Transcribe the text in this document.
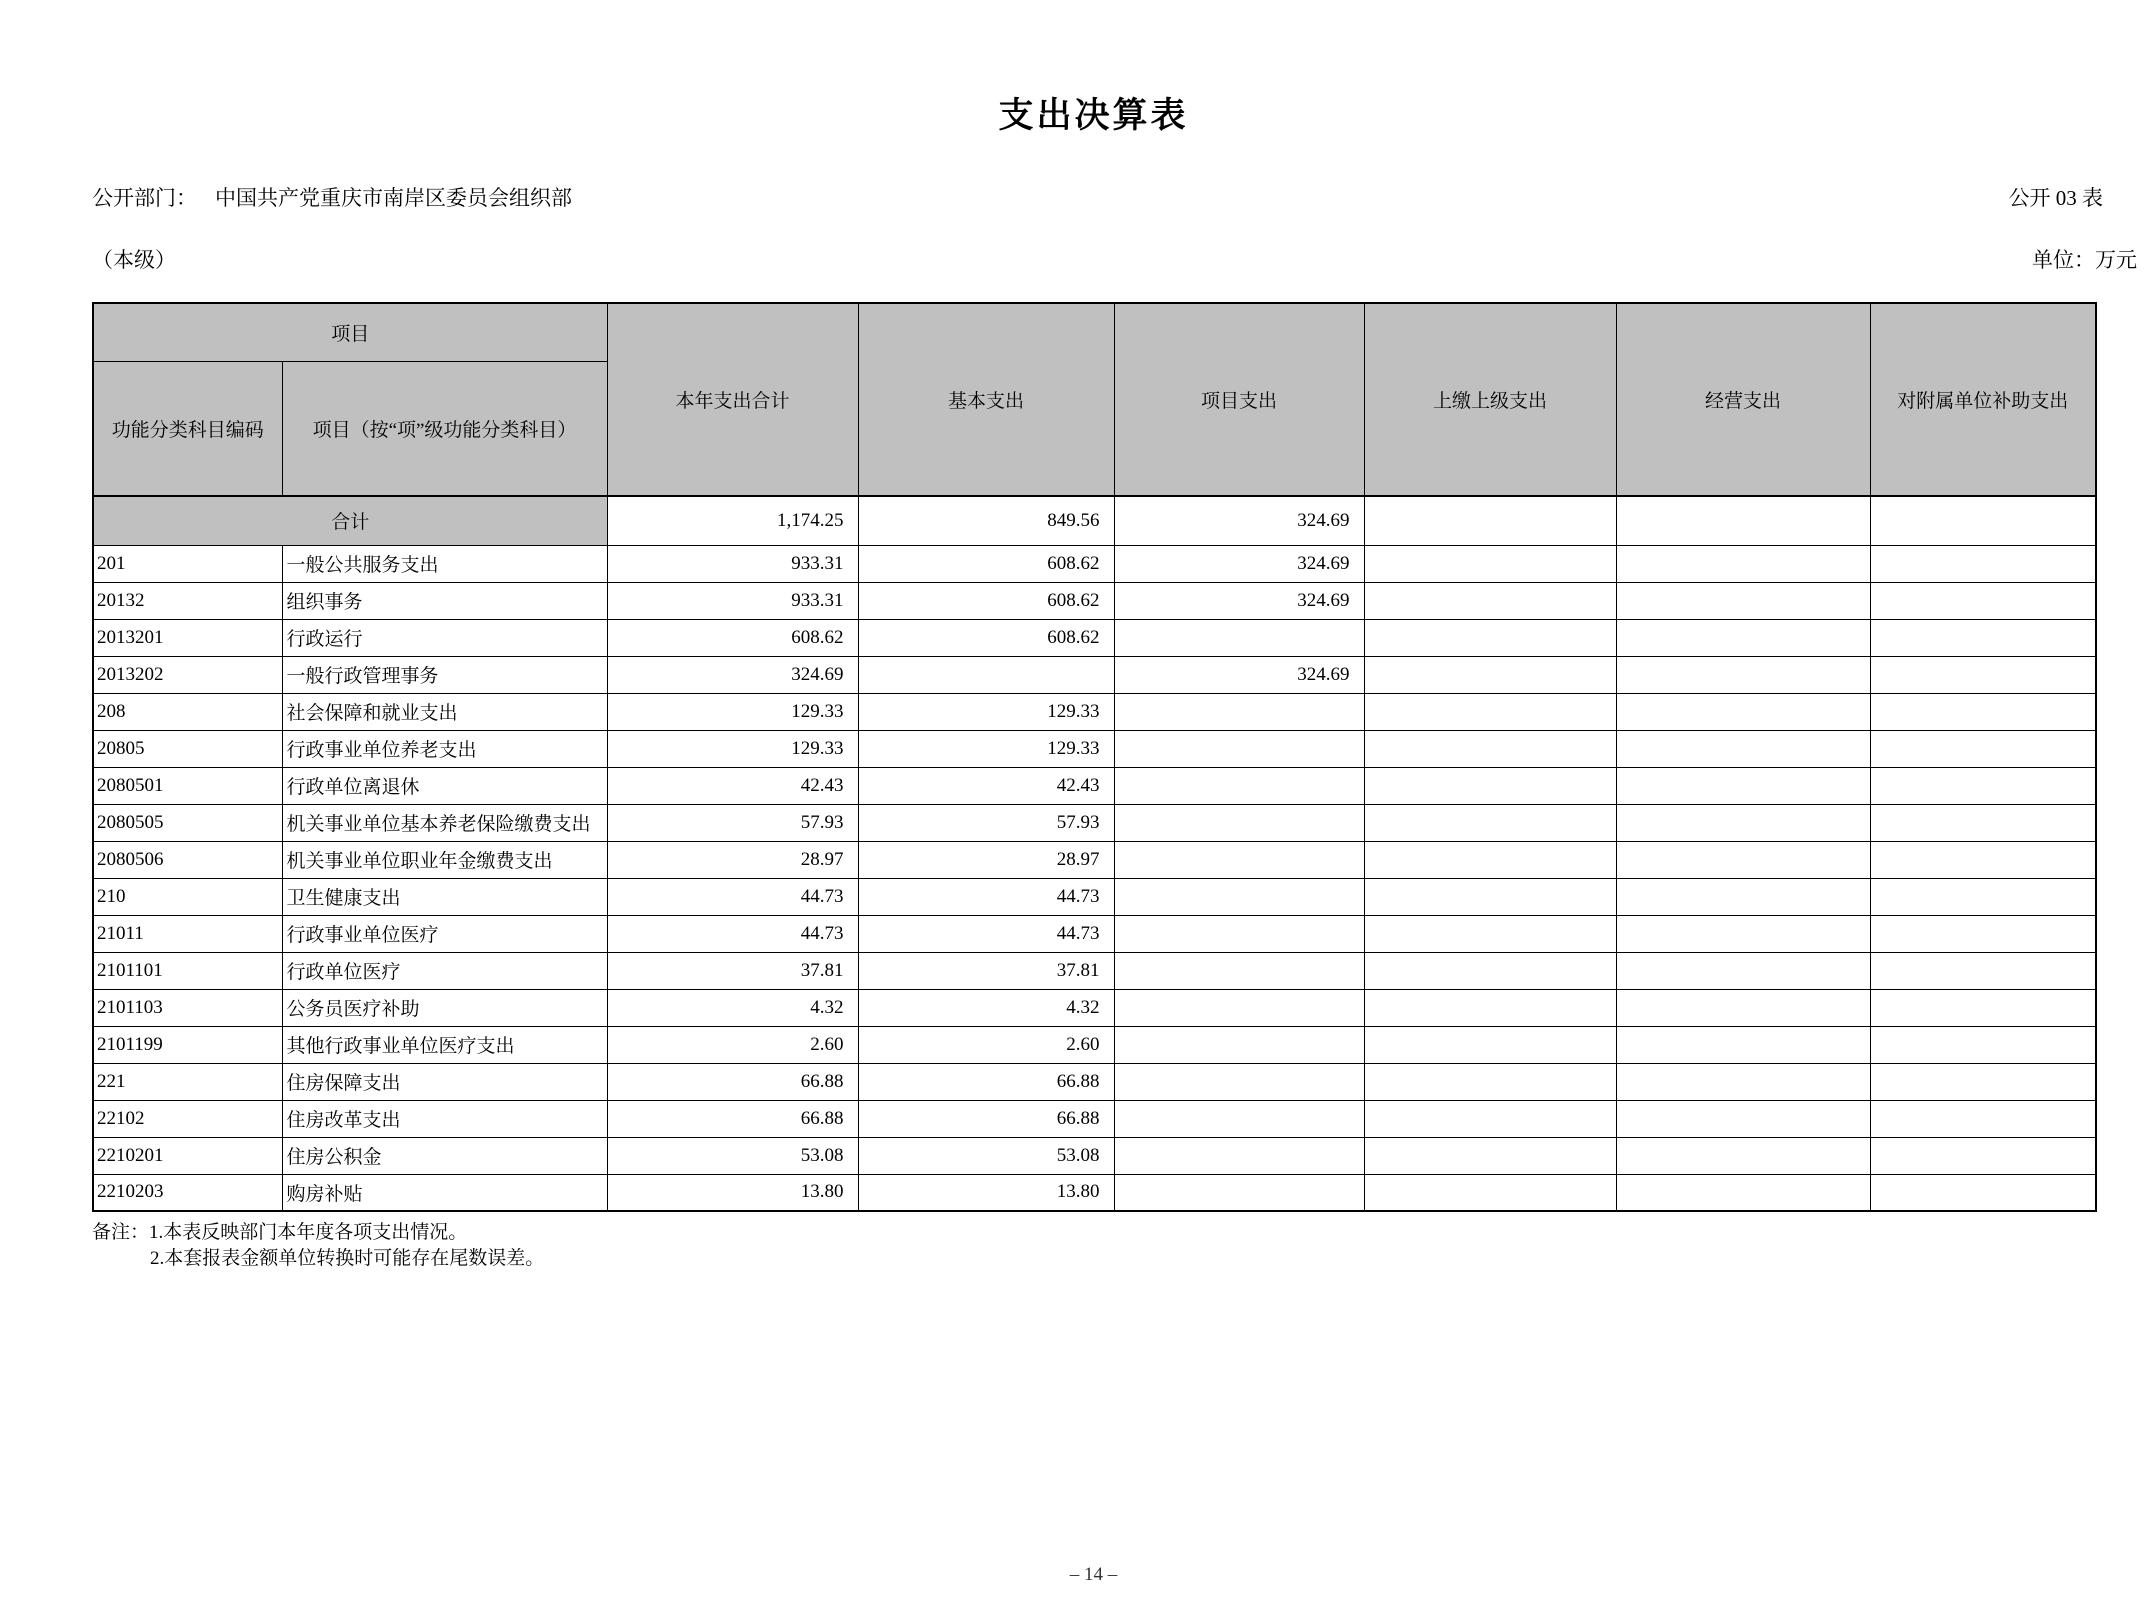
支出决算表
公开部门： 中国共产党重庆市南岸区委员会组织部	公开 03 表
（本级）	单位：万元
项目		本年支出合计	基本支出	项目支出	上缴上级支出	经营支出	对附属单位补助支出
功能分类科目编码	项目（按“项”级功能分类科目）						
合计		1,174.25	849.56	324.69			
201	一般公共服务支出	933.31	608.62	324.69			
20132	组织事务	933.31	608.62	324.69			
2013201	行政运行	608.62	608.62				
2013202	一般行政管理事务	324.69		324.69			
208	社会保障和就业支出	129.33	129.33				
20805	行政事业单位养老支出	129.33	129.33				
2080501	行政单位离退休	42.43	42.43				
2080505	机关事业单位基本养老保险缴费支出	57.93	57.93				
2080506	机关事业单位职业年金缴费支出	28.97	28.97				
210	卫生健康支出	44.73	44.73				
21011	行政事业单位医疗	44.73	44.73				
2101101	行政单位医疗	37.81	37.81				
2101103	公务员医疗补助	4.32	4.32				
2101199	其他行政事业单位医疗支出	2.60	2.60				
221	住房保障支出	66.88	66.88				
22102	住房改革支出	66.88	66.88				
2210201	住房公积金	53.08	53.08				
2210203	购房补贴	13.80	13.80				
备注：1.本表反映部门本年度各项支出情况。
2.本套报表金额单位转换时可能存在尾数误差。
– 14 –
